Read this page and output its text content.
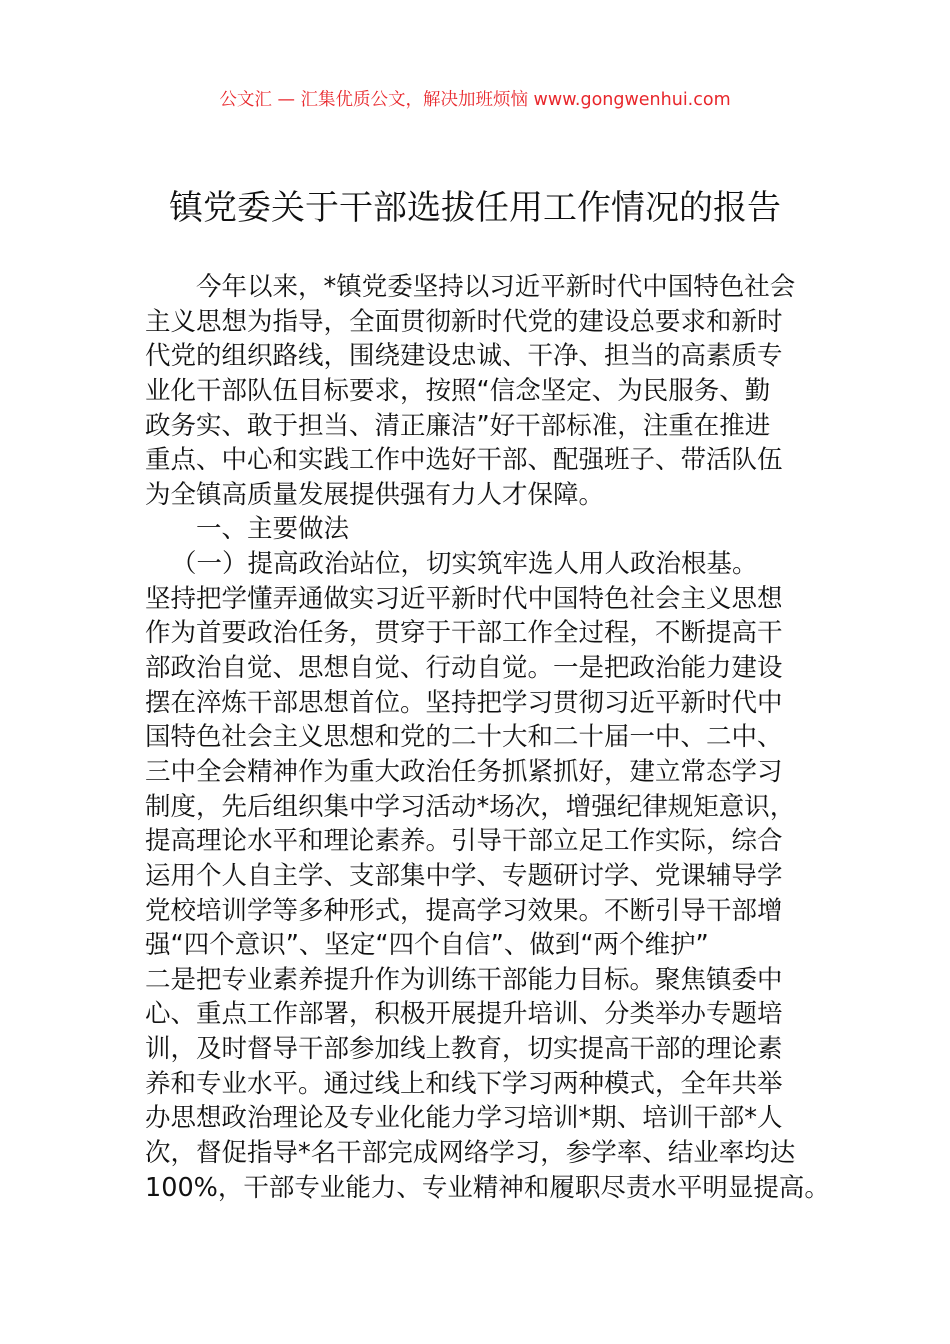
公文汇 — 汇集优质公文，解决加班烦恼 www.gongwenhui.com
镇党委关于干部选拔任用工作情况的报告
今年以来，*镇党委坚持以习近平新时代中国特色社会
主义思想为指导，全面贯彻新时代党的建设总要求和新时
代党的组织路线，围绕建设忠诚、干净、担当的高素质专
业化干部队伍目标要求，按照“信念坚定、为民服务、勤
政务实、敢于担当、清正廉洁”好干部标准，注重在推进
重点、中心和实践工作中选好干部、配强班子、带活队伍
为全镇高质量发展提供强有力人才保障。
一、主要做法
（一）提高政治站位，切实筑牢选人用人政治根基。
坚持把学懂弄通做实习近平新时代中国特色社会主义思想
作为首要政治任务，贯穿于干部工作全过程，不断提高干
部政治自觉、思想自觉、行动自觉。一是把政治能力建设
摆在淬炼干部思想首位。坚持把学习贯彻习近平新时代中
国特色社会主义思想和党的二十大和二十届一中、二中、
三中全会精神作为重大政治任务抓紧抓好，建立常态学习
制度，先后组织集中学习活动*场次，增强纪律规矩意识，
提高理论水平和理论素养。引导干部立足工作实际，综合
运用个人自主学、支部集中学、专题研讨学、党课辅导学
党校培训学等多种形式，提高学习效果。不断引导干部增
强“四个意识”、坚定“四个自信”、做到“两个维护”
二是把专业素养提升作为训练干部能力目标。聚焦镇委中
心、重点工作部署，积极开展提升培训、分类举办专题培
训，及时督导干部参加线上教育，切实提高干部的理论素
养和专业水平。通过线上和线下学习两种模式，全年共举
办思想政治理论及专业化能力学习培训*期、培训干部*人
次，督促指导*名干部完成网络学习，参学率、结业率均达
100%，干部专业能力、专业精神和履职尽责水平明显提高。
